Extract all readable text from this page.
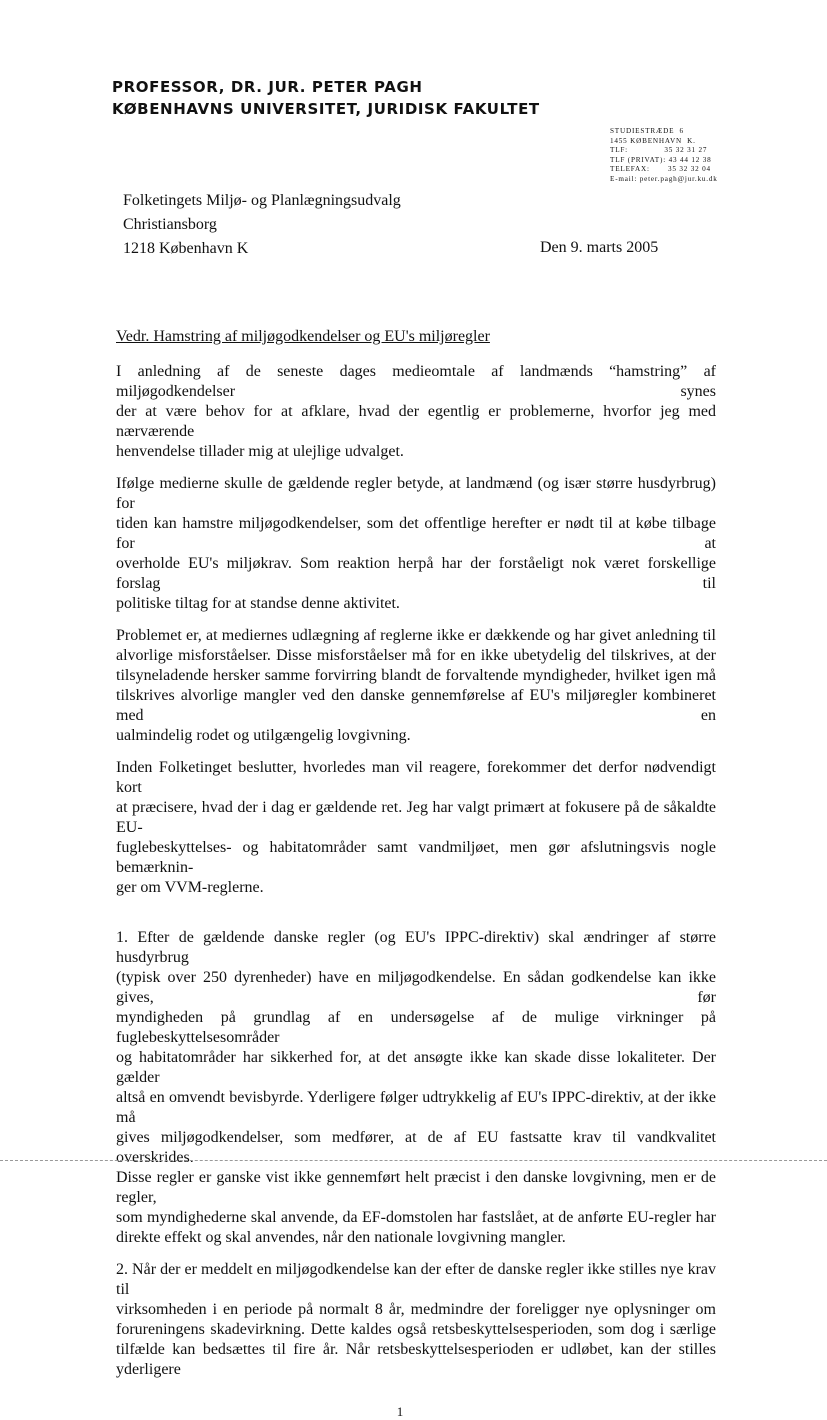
PROFESSOR, DR. JUR. PETER PAGH
KØBENHAVNS UNIVERSITET, JURIDISK FAKULTET
STUDIESTRÆDE  6
1455 KØBENHAVN  K.
TLF:              35 32 31 27
TLF (PRIVAT): 43 44 12 38
TELEFAX:       35 32 32 04
E-mail: peter.pagh@jur.ku.dk
Folketingets Miljø- og Planlægningsudvalg
Christiansborg
1218 København K	Den 9. marts 2005
Vedr. Hamstring af miljøgodkendelser og EU's miljøregler
I anledning af de seneste dages medieomtale af landmænds “hamstring” af miljøgodkendelser synes
der at være behov for at afklare, hvad der egentlig er problemerne, hvorfor jeg med nærværende
henvendelse tillader mig at ulejlige udvalget.
Ifølge medierne skulle de gældende regler betyde, at landmænd (og især større husdyrbrug) for
tiden kan hamstre miljøgodkendelser, som det offentlige herefter er nødt til at købe tilbage for at
overholde EU's miljøkrav. Som reaktion herpå har der forståeligt nok været forskellige forslag til
politiske tiltag for at standse denne aktivitet.
Problemet er, at mediernes udlægning af reglerne ikke er dækkende og har givet anledning til
alvorlige misforståelser. Disse misforståelser må for en ikke ubetydelig del tilskrives, at der
tilsyneladende hersker samme forvirring blandt de forvaltende myndigheder, hvilket igen må
tilskrives alvorlige mangler ved den danske gennemførelse af EU's miljøregler kombineret med en
ualmindelig rodet og utilgængelig lovgivning.
Inden Folketinget beslutter, hvorledes man vil reagere, forekommer det derfor nødvendigt kort
at præcisere, hvad der i dag er gældende ret. Jeg har valgt primært at fokusere på de såkaldte EU-
fuglebeskyttelses- og habitatområder samt vandmiljøet, men gør afslutningsvis nogle bemærknin-
ger om VVM-reglerne.
1. Efter de gældende danske regler (og EU's IPPC-direktiv) skal ændringer af større husdyrbrug
(typisk over 250 dyrenheder) have en miljøgodkendelse. En sådan godkendelse kan ikke gives, før
myndigheden på grundlag af en undersøgelse af de mulige virkninger på fuglebeskyttelsesområder
og habitatområder har sikkerhed for, at det ansøgte ikke kan skade disse lokaliteter. Der gælder
altså en omvendt bevisbyrde. Yderligere følger udtrykkelig af EU's IPPC-direktiv, at der ikke må
gives miljøgodkendelser, som medfører, at de af EU fastsatte krav til vandkvalitet overskrides.
Disse regler er ganske vist ikke gennemført helt præcist i den danske lovgivning, men er de regler,
som myndighederne skal anvende, da EF-domstolen har fastslået, at de anførte EU-regler har
direkte effekt og skal anvendes, når den nationale lovgivning mangler.
2. Når der er meddelt en miljøgodkendelse kan der efter de danske regler ikke stilles nye krav til
virksomheden i en periode på normalt 8 år, medmindre der foreligger nye oplysninger om
forureningens skadevirkning. Dette kaldes også retsbeskyttelsesperioden, som dog i særlige
tilfælde kan bedsættes til fire år. Når retsbeskyttelsesperioden er udløbet, kan der stilles yderligere
1
